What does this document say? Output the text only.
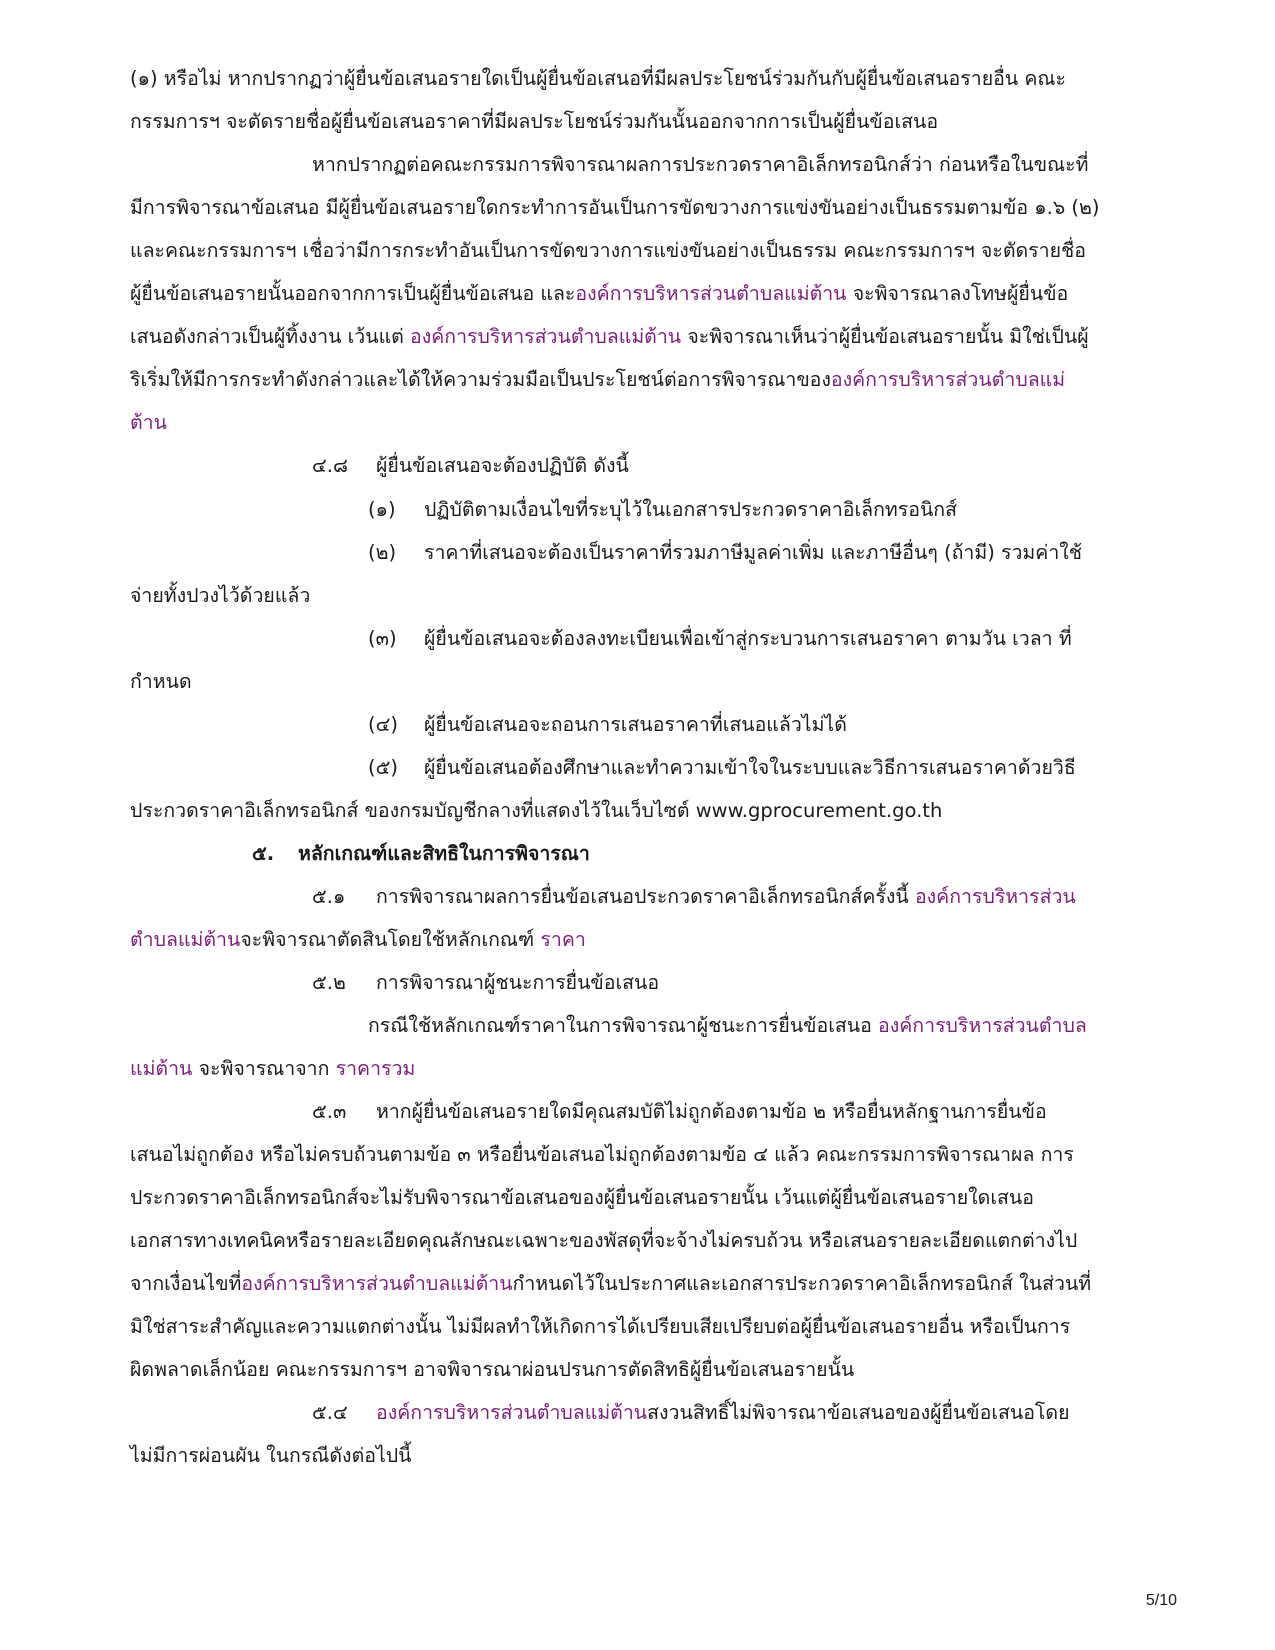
(๑) หรือไม่ หากปรากฏว่าผู้ยื่นข้อเสนอรายใดเป็นผู้ยื่นข้อเสนอที่มีผลประโยชน์ร่วมกันกับผู้ยื่นข้อเสนอรายอื่น คณะ
กรรมการฯ จะตัดรายชื่อผู้ยื่นข้อเสนอราคาที่มีผลประโยชน์ร่วมกันนั้นออกจากการเป็นผู้ยื่นข้อเสนอ
หากปรากฏต่อคณะกรรมการพิจารณาผลการประกวดราคาอิเล็กทรอนิกส์ว่า ก่อนหรือในขณะที่
มีการพิจารณาข้อเสนอ มีผู้ยื่นข้อเสนอรายใดกระทำการอันเป็นการขัดขวางการแข่งขันอย่างเป็นธรรมตามข้อ ๑.๖ (๒)
และคณะกรรมการฯ เชื่อว่ามีการกระทำอันเป็นการขัดขวางการแข่งขันอย่างเป็นธรรม คณะกรรมการฯ จะตัดรายชื่อ
ผู้ยื่นข้อเสนอรายนั้นออกจากการเป็นผู้ยื่นข้อเสนอ และองค์การบริหารส่วนตำบลแม่ต้าน จะพิจารณาลงโทษผู้ยื่นข้อ
เสนอดังกล่าวเป็นผู้ทิ้งงาน เว้นแต่ องค์การบริหารส่วนตำบลแม่ต้าน จะพิจารณาเห็นว่าผู้ยื่นข้อเสนอรายนั้น มิใช่เป็นผู้
ริเริ่มให้มีการกระทำดังกล่าวและได้ให้ความร่วมมือเป็นประโยชน์ต่อการพิจารณาขององค์การบริหารส่วนตำบลแม่
ต้าน
๔.๘ ผู้ยื่นข้อเสนอจะต้องปฏิบัติ ดังนี้
(๑) ปฏิบัติตามเงื่อนไขที่ระบุไว้ในเอกสารประกวดราคาอิเล็กทรอนิกส์
(๒) ราคาที่เสนอจะต้องเป็นราคาที่รวมภาษีมูลค่าเพิ่ม และภาษีอื่นๆ (ถ้ามี) รวมค่าใช้
จ่ายทั้งปวงไว้ด้วยแล้ว
(๓) ผู้ยื่นข้อเสนอจะต้องลงทะเบียนเพื่อเข้าสู่กระบวนการเสนอราคา ตามวัน เวลา ที่
กำหนด
(๔) ผู้ยื่นข้อเสนอจะถอนการเสนอราคาที่เสนอแล้วไม่ได้
(๕) ผู้ยื่นข้อเสนอต้องศึกษาและทำความเข้าใจในระบบและวิธีการเสนอราคาด้วยวิธี
ประกวดราคาอิเล็กทรอนิกส์ ของกรมบัญชีกลางที่แสดงไว้ในเว็บไซต์ www.gprocurement.go.th
๕. หลักเกณฑ์และสิทธิในการพิจารณา
๕.๑ การพิจารณาผลการยื่นข้อเสนอประกวดราคาอิเล็กทรอนิกส์ครั้งนี้ องค์การบริหารส่วน
ตำบลแม่ต้านจะพิจารณาตัดสินโดยใช้หลักเกณฑ์ ราคา
๕.๒ การพิจารณาผู้ชนะการยื่นข้อเสนอ
กรณีใช้หลักเกณฑ์ราคาในการพิจารณาผู้ชนะการยื่นข้อเสนอ องค์การบริหารส่วนตำบล
แม่ต้าน จะพิจารณาจาก ราคารวม
๕.๓ หากผู้ยื่นข้อเสนอรายใดมีคุณสมบัติไม่ถูกต้องตามข้อ ๒ หรือยื่นหลักฐานการยื่นข้อ
เสนอไม่ถูกต้อง หรือไม่ครบถ้วนตามข้อ ๓ หรือยื่นข้อเสนอไม่ถูกต้องตามข้อ ๔ แล้ว คณะกรรมการพิจารณาผล การ
ประกวดราคาอิเล็กทรอนิกส์จะไม่รับพิจารณาข้อเสนอของผู้ยื่นข้อเสนอรายนั้น เว้นแต่ผู้ยื่นข้อเสนอรายใดเสนอ
เอกสารทางเทคนิคหรือรายละเอียดคุณลักษณะเฉพาะของพัสดุที่จะจ้างไม่ครบถ้วน หรือเสนอรายละเอียดแตกต่างไป
จากเงื่อนไขที่องค์การบริหารส่วนตำบลแม่ต้านกำหนดไว้ในประกาศและเอกสารประกวดราคาอิเล็กทรอนิกส์ ในส่วนที่
มิใช่สาระสำคัญและความแตกต่างนั้น ไม่มีผลทำให้เกิดการได้เปรียบเสียเปรียบต่อผู้ยื่นข้อเสนอรายอื่น หรือเป็นการ
ผิดพลาดเล็กน้อย คณะกรรมการฯ อาจพิจารณาผ่อนปรนการตัดสิทธิผู้ยื่นข้อเสนอรายนั้น
๕.๔ องค์การบริหารส่วนตำบลแม่ต้านสงวนสิทธิ์ไม่พิจารณาข้อเสนอของผู้ยื่นข้อเสนอโดย
ไม่มีการผ่อนผัน ในกรณีดังต่อไปนี้
5/10
